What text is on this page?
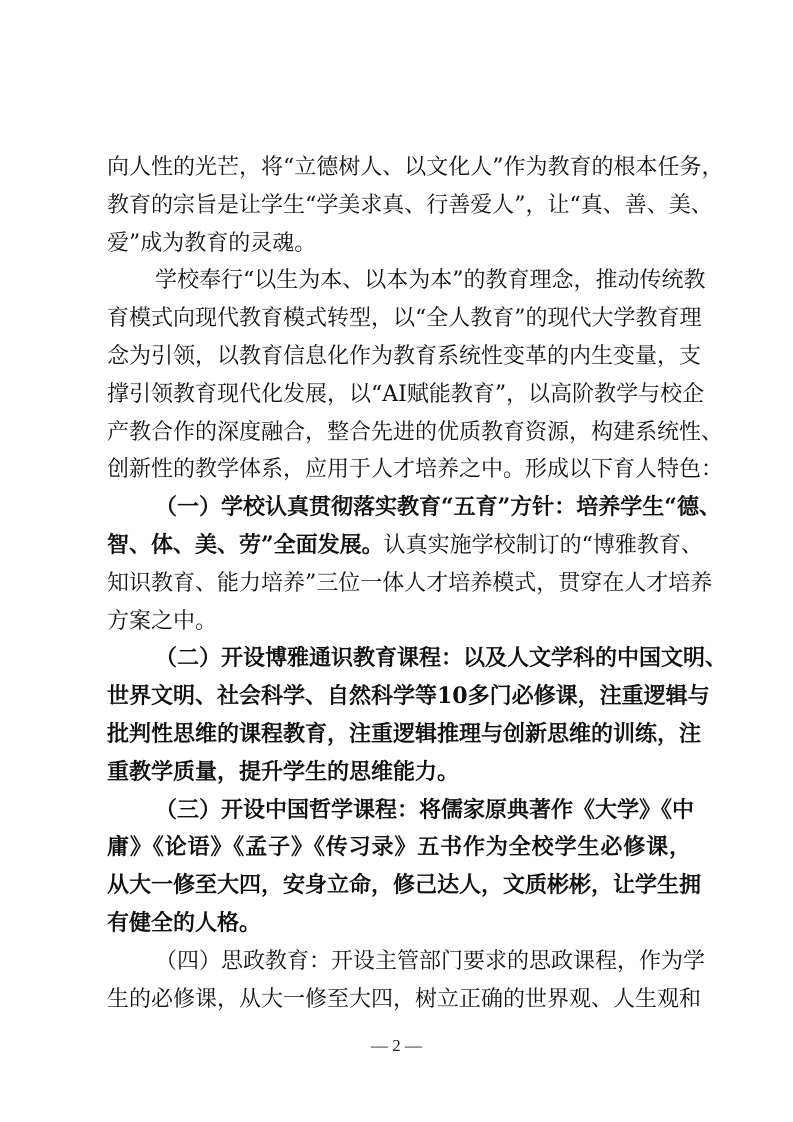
向人性的光芒，将“立德树人、以文化人”作为教育的根本任务，
教育的宗旨是让学生“学美求真、行善爱人”，让“真、善、美、
爱”成为教育的灵魂。
学校奉行“以生为本、以本为本”的教育理念，推动传统教
育模式向现代教育模式转型，以“全人教育”的现代大学教育理
念为引领，以教育信息化作为教育系统性变革的内生变量，支
撑引领教育现代化发展，以“AI赋能教育”，以高阶教学与校企
产教合作的深度融合，整合先进的优质教育资源，构建系统性、
创新性的教学体系，应用于人才培养之中。形成以下育人特色：
（一）学校认真贯彻落实教育“五育”方针：培养学生“德、
智、体、美、劳”全面发展。认真实施学校制订的“博雅教育、
知识教育、能力培养”三位一体人才培养模式，贯穿在人才培养
方案之中。
（二）开设博雅通识教育课程：以及人文学科的中国文明、
世界文明、社会科学、自然科学等10多门必修课，注重逻辑与
批判性思维的课程教育，注重逻辑推理与创新思维的训练，注
重教学质量，提升学生的思维能力。
（三）开设中国哲学课程：将儒家原典著作《大学》《中
庸》《论语》《孟子》《传习录》五书作为全校学生必修课，
从大一修至大四，安身立命，修己达人，文质彬彬，让学生拥
有健全的人格。
（四）思政教育：开设主管部门要求的思政课程，作为学
生的必修课，从大一修至大四，树立正确的世界观、人生观和
— 2 —
